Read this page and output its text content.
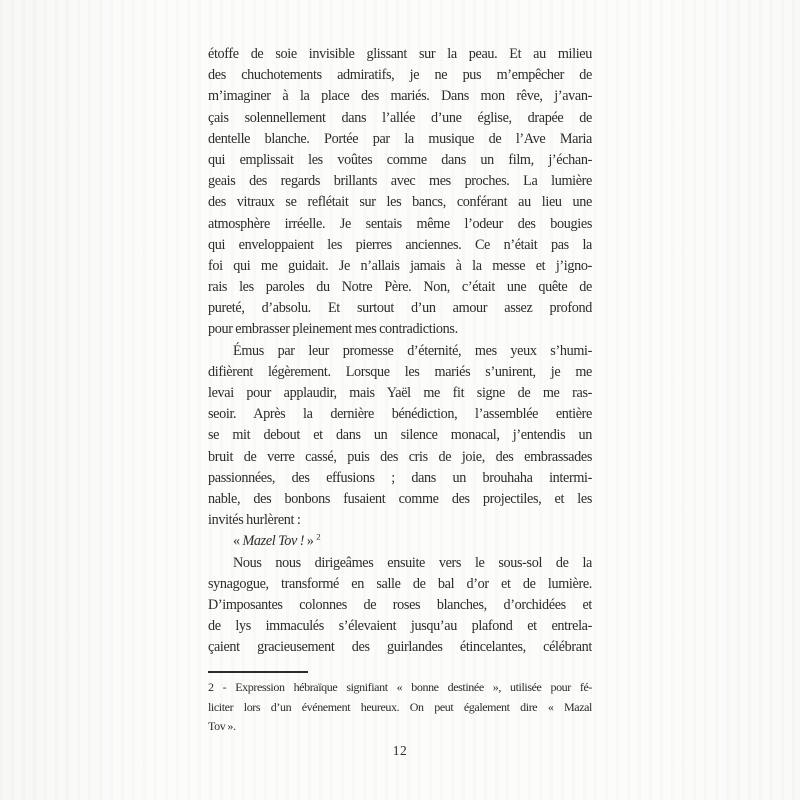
étoffe de soie invisible glissant sur la peau. Et au milieu
des chuchotements admiratifs, je ne pus m’empêcher de
m’imaginer à la place des mariés. Dans mon rêve, j’avan-
çais solennellement dans l’allée d’une église, drapée de
dentelle blanche. Portée par la musique de l’Ave Maria
qui emplissait les voûtes comme dans un film, j’échan-
geais des regards brillants avec mes proches. La lumière
des vitraux se reflétait sur les bancs, conférant au lieu une
atmosphère irréelle. Je sentais même l’odeur des bougies
qui enveloppaient les pierres anciennes. Ce n’était pas la
foi qui me guidait. Je n’allais jamais à la messe et j’igno-
rais les paroles du Notre Père. Non, c’était une quête de
pureté, d’absolu. Et surtout d’un amour assez profond
pour embrasser pleinement mes contradictions.
Émus par leur promesse d’éternité, mes yeux s’humi-
difièrent légèrement. Lorsque les mariés s’unirent, je me
levai pour applaudir, mais Yaël me fit signe de me ras-
seoir. Après la dernière bénédiction, l’assemblée entière
se mit debout et dans un silence monacal, j’entendis un
bruit de verre cassé, puis des cris de joie, des embrassades
passionnées, des effusions ; dans un brouhaha intermi-
nable, des bonbons fusaient comme des projectiles, et les
invités hurlèrent :
« Mazel Tov ! » $^2$
Nous nous dirigeâmes ensuite vers le sous-sol de la
synagogue, transformé en salle de bal d’or et de lumière.
D’imposantes colonnes de roses blanches, d’orchidées et
de lys immaculés s’élevaient jusqu’au plafond et entrela-
çaient gracieusement des guirlandes étincelantes, célébrant
2 - Expression hébraïque signifiant « bonne destinée », utilisée pour fé-
liciter lors d’un événement heureux. On peut également dire « Mazal
Tov ».
12
